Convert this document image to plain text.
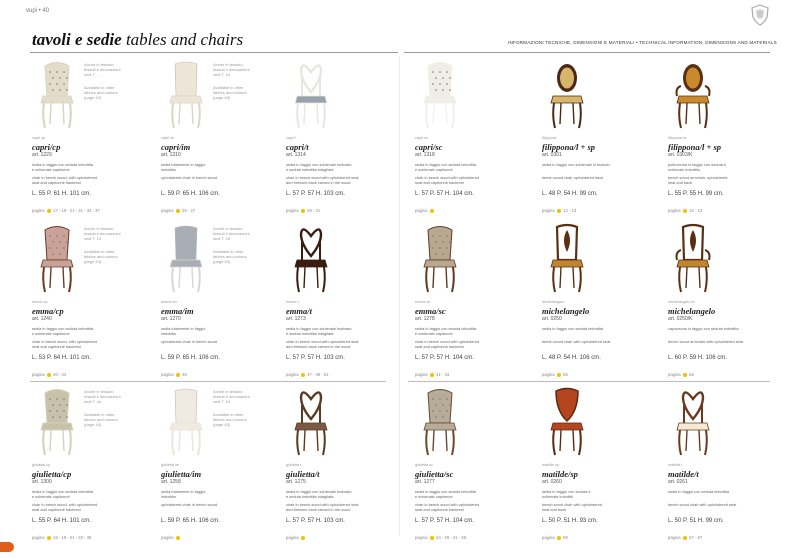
vupi • 40
tavoli e sedie tables and chairs	INFORMAZIONI TECNICHE, DIMENSIONI E MATERIALI • TECHNICAL INFORMATION, DIMENSIONS AND MATERIALS
Anche in tessuto
tessuti e decorazioni
vedi T. ...
Available in other
fabrics and colours
(page 43)
capri cp
capri/cp
art. 1229
sedia in faggio con seduta imbottita
e schienale capitonnè
chair in beech wood, with upholstered
seat and capitonnè backrest
L. 55 P. 61 H. 101 cm.
pagina 17 - 19 - 21 - 31 - 33 - 37
Anche in tessuto
tessuti e decorazioni
vedi T. 16
Available in other
fabrics and colours
(page 43)
capri im
capri/im
art. 1310
sedia totalmente in faggio
imbottita
upholstered chair in beech wood
L. 59 P. 65 H. 106 cm.
pagina 25 - 27
capri t
capri/t
art. 1314
sedia in faggio con schienale traforato
e seduta imbottita intagliata
chair in beech wood with upholstered seat
and fretwork back carved in the wood
L. 57 P. 57 H. 103 cm.
pagina 29 - 31
capri sc
capri/sc
art. 1318
sedia in faggio con seduta imbottita
e schienale capitonnè
chair in beech wood with upholstered
seat and capitonnè backrest
L. 57 P. 57 H. 104 cm.
pagina
filippona
filippona/l + sp
art. 0301
sedia in faggio con schienale in tessuto
beech wood chair upholstered back
L. 48 P. 54 H. 99 cm.
pagina 12 - 13
filippona br
filippona/l + sp
art. 0303/K
poltroncina in faggio con seduta e
schienale imbottito
beech wood armchair, upholstered
seat and back
L. 55 P. 55 H. 99 cm.
pagina 12 - 13
Anche in tessuto
tessuti e decorazioni
vedi T. 19
Available in other
fabrics and colours
(page 43)
emma cp
emma/cp
art. 1240
sedia in faggio con seduta imbottita
e schienale capitonnè
chair in beech wood, with upholstered
seat and capitonnè backrest
L. 53 P. 64 H. 101 cm.
pagina 40 - 44
Anche in tessuto
tessuti e decorazioni
vedi T. 16
Available in other
fabrics and colours
(page 43)
emma im
emma/im
art. 1270
sedia totalmente in faggio
imbottita
upholstered chair in beech wood
L. 59 P. 65 H. 106 cm.
pagina 46
emma t
emma/t
art. 1273
sedia in faggio con schienale traforato
e seduta imbottita intagliata
chair in beech wood with upholstered seat
and fretwork back carved in the wood
L. 57 P. 57 H. 103 cm.
pagina 47 - 49 - 51
emma sc
emma/sc
art. 1278
sedia in faggio con seduta imbottita
e schienale capitonnè
chair in beech wood with upholstered
seat and capitonnè backrest
L. 57 P. 57 H. 104 cm.
pagina 41 - 43
michelangelo
michelangelo
art. 0250
sedia in faggio con seduta imbottita
beech wood chair with upholstered seat
L. 48 P. 54 H. 106 cm.
pagina 56
michelangelo br
michelangelo
art. 0250/K
capotavola in faggio con seduta imbottita
beech wood armchair with upholstered seat
L. 60 P. 59 H. 106 cm.
pagina 56
Anche in tessuto
tessuti e decorazioni
vedi T. 44
Available in other
fabrics and colours
(page 43)
giulietta cp
giulietta/cp
art. 1300
sedia in faggio con seduta imbottita
e schienale capitonnè
chair in beech wood, with upholstered
seat and capitonnè backrest
L. 55 P. 64 H. 101 cm.
pagina 16 - 19 - 21 - 33 - 35
Anche in tessuto
tessuti e decorazioni
vedi T. 16
Available in other
fabrics and colours
(page 43)
giulietta im
giulietta/im
art. 1258
sedia totalmente in faggio
imbottita
upholstered chair in beech wood
L. 59 P. 65 H. 106 cm.
pagina
giulietta t
giulietta/t
art. 1275
sedia in faggio con schienale traforato
e seduta imbottita intagliata
chair in beech wood with upholstered seat
and fretwork back carved in the wood
L. 57 P. 57 H. 103 cm.
pagina
giulietta sc
giulietta/sc
art. 1277
sedia in faggio con seduta imbottita
e schienale capitonnè
chair in beech wood with upholstered
seat and capitonnè backrest
L. 57 P. 57 H. 104 cm.
pagina 24 - 29 - 31 - 49
matilde sp
matilde/sp
art. 0260
sedia in faggio con seduta e
schienale imbottiti
beech wood chair with upholstered
seat and back
L. 50 P. 51 H. 93 cm.
pagina 59
matilde t
matilde/t
art. 0261
sedia in faggio con seduta imbottita
beech wood chair with upholstered seat
L. 50 P. 51 H. 99 cm.
pagina 57 - 67
